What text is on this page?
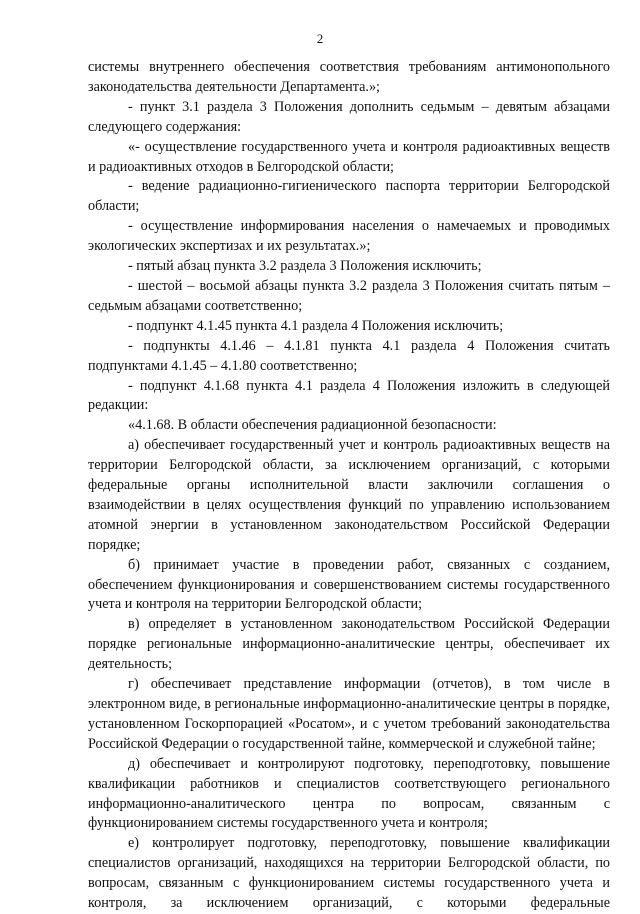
2

системы внутреннего обеспечения соответствия требованиям антимонопольного законодательства деятельности Департамента.»;

- пункт 3.1 раздела 3 Положения дополнить седьмым – девятым абзацами следующего содержания:

«- осуществление государственного учета и контроля радиоактивных веществ и радиоактивных отходов в Белгородской области;

- ведение радиационно-гигиенического паспорта территории Белгородской области;

- осуществление информирования населения о намечаемых и проводимых экологических экспертизах и их результатах.»;

- пятый абзац пункта 3.2 раздела 3 Положения исключить;

- шестой – восьмой абзацы пункта 3.2 раздела 3 Положения считать пятым – седьмым абзацами соответственно;

- подпункт 4.1.45 пункта 4.1 раздела 4 Положения исключить;

- подпункты 4.1.46 – 4.1.81 пункта 4.1 раздела 4 Положения считать подпунктами 4.1.45 – 4.1.80 соответственно;

- подпункт 4.1.68 пункта 4.1 раздела 4 Положения изложить в следующей редакции:

«4.1.68. В области обеспечения радиационной безопасности:

а) обеспечивает государственный учет и контроль радиоактивных веществ на территории Белгородской области, за исключением организаций, с которыми федеральные органы исполнительной власти заключили соглашения о взаимодействии в целях осуществления функций по управлению использованием атомной энергии в установленном законодательством Российской Федерации порядке;

б) принимает участие в проведении работ, связанных с созданием, обеспечением функционирования и совершенствованием системы государственного учета и контроля на территории Белгородской области;

в) определяет в установленном законодательством Российской Федерации порядке региональные информационно-аналитические центры, обеспечивает их деятельность;

г) обеспечивает представление информации (отчетов), в том числе в электронном виде, в региональные информационно-аналитические центры в порядке, установленном Госкорпорацией «Росатом», и с учетом требований законодательства Российской Федерации о государственной тайне, коммерческой и служебной тайне;

д) обеспечивает и контролируют подготовку, переподготовку, повышение квалификации работников и специалистов соответствующего регионального информационно-аналитического центра по вопросам, связанным с функционированием системы государственного учета и контроля;

е) контролирует подготовку, переподготовку, повышение квалификации специалистов организаций, находящихся на территории Белгородской области, по вопросам, связанным с функционированием системы государственного учета и контроля, за исключением организаций, с которыми федеральные
